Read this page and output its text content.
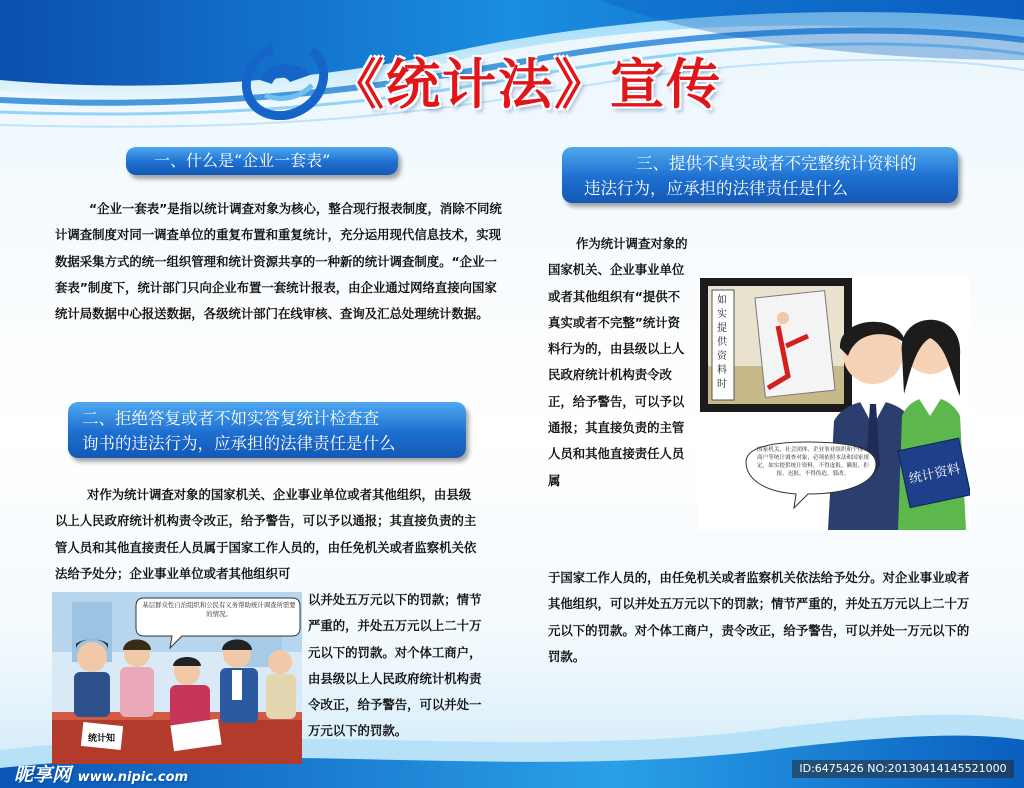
《统计法》宣传
一、什么是“企业一套表”

“企业一套表”是指以统计调查对象为核心，整合现行报表制度，消除不同统计调查制度对同一调查单位的重复布置和重复统计，充分运用现代信息技术，实现数据采集方式的统一组织管理和统计资源共享的一种新的统计调查制度。“企业一套表”制度下，统计部门只向企业布置一套统计报表，由企业通过网络直接向国家统计局数据中心报送数据，各级统计部门在线审核、查询及汇总处理统计数据。

二、拒绝答复或者不如实答复统计检查查
询书的违法行为，应承担的法律责任是什么

对作为统计调查对象的国家机关、企业事业单位或者其他组织，由县级以上人民政府统计机构责令改正，给予警告，可以予以通报；其直接负责的主管人员和其他直接责任人员属于国家工作人员的，由任免机关或者监察机关依法给予处分；企业事业单位或者其他组织可

统计知
基层群众性自治组织和公民有义务帮助统计调查所需要的情况。

以并处五万元以下的罚款；情节严重的，并处五万元以上二十万元以下的罚款。对个体工商户，由县级以上人民政府统计机构责令改正，给予警告，可以并处一万元以下的罚款。

三、提供不真实或者不完整统计资料的
违法行为，应承担的法律责任是什么

作为统计调查对象的国家机关、企业事业单位或者其他组织有“提供不真实或者不完整”统计资料行为的，由县级以上人民政府统计机构责令改正，给予警告，可以予以通报；其直接负责的主管人员和其他直接责任人员属

如实提供资料时
统计资料
国家机关、社会团体、企业事业组织和个体工商户等统计调查对象，必须依照本法和国家规定，如实提供统计资料，不得虚报、瞒报、拒报、迟报，不得伪造、篡改。

于国家工作人员的，由任免机关或者监察机关依法给予处分。对企业事业或者其他组织，可以并处五万元以下的罚款；情节严重的，并处五万元以上二十万元以下的罚款。对个体工商户，责令改正，给予警告，可以并处一万元以下的罚款。

昵享网 www.nipic.com
ID:6475426 NO:20130414145521000
